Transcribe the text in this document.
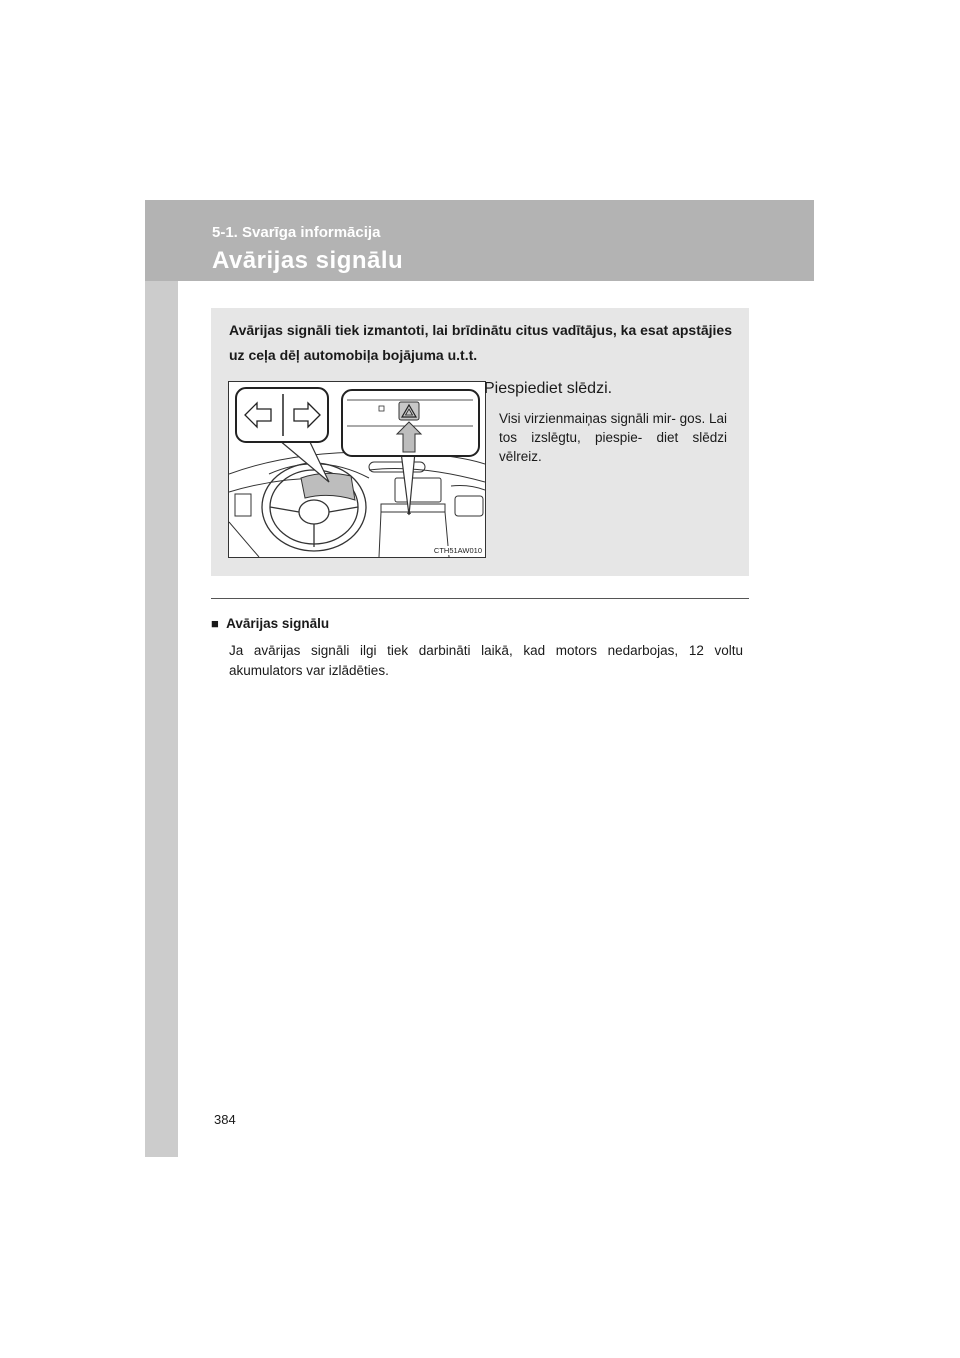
5-1. Svarīga informācija

Avārijas signālu

Avārijas signāli tiek izmantoti, lai brīdinātu citus vadītājus, ka esat apstājies uz ceļa dēļ automobiļa bojājuma u.t.t.

CTH51AW010

Piespiediet slēdzi.

Visi virzienmaiņas signāli mir- gos. Lai tos izslēgtu, piespie- diet slēdzi vēlreiz.

■ Avārijas signālu

Ja avārijas signāli ilgi tiek darbināti laikā, kad motors nedarbojas, 12 voltu akumulators var izlādēties.

384
